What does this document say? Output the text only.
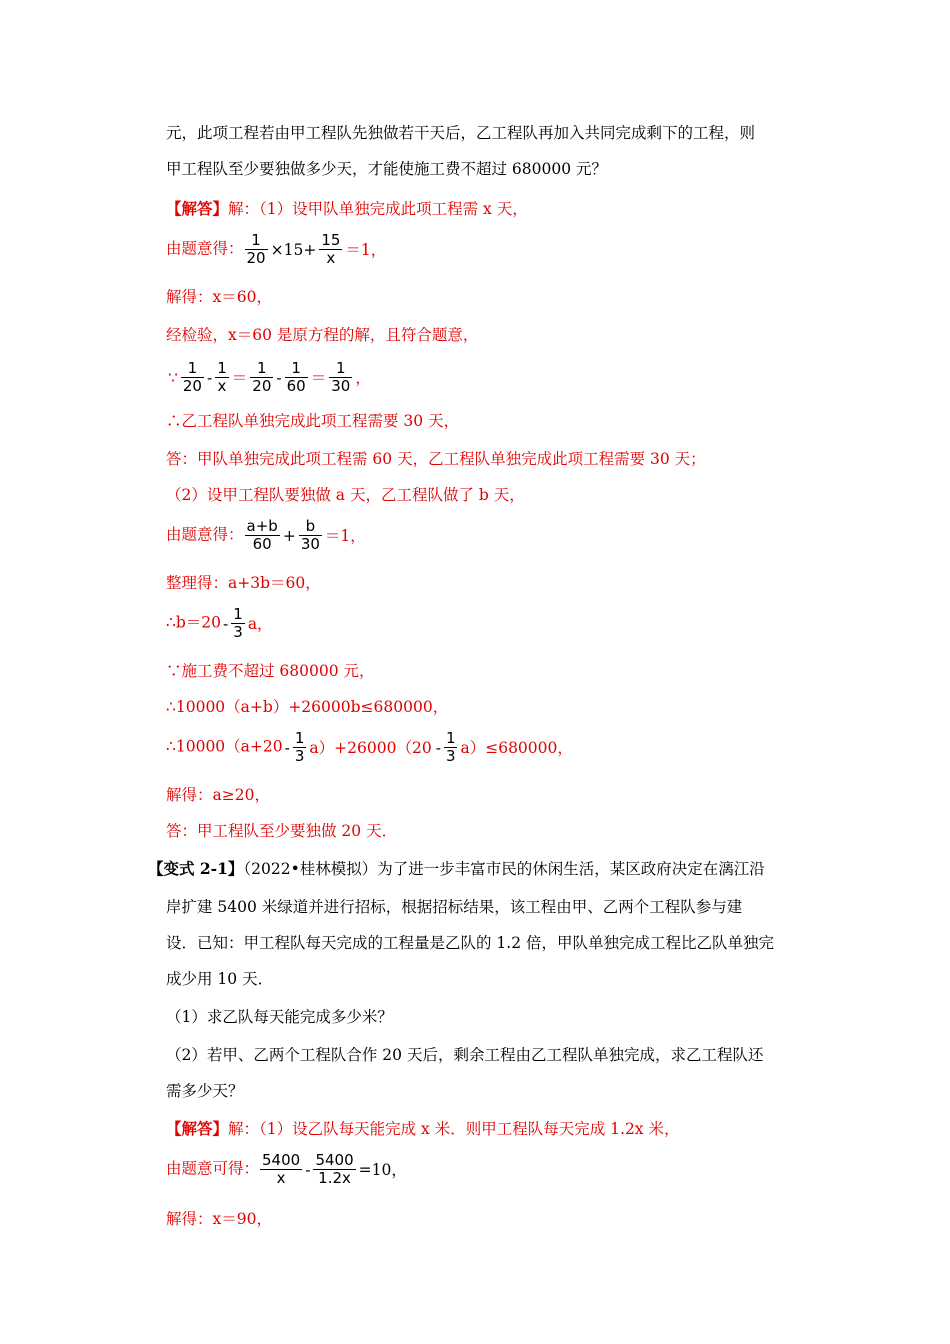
元，此项工程若由甲工程队先独做若干天后，乙工程队再加入共同完成剩下的工程，则
甲工程队至少要独做多少天，才能使施工费不超过 680000 元？
【解答】解：（1）设甲队单独完成此项工程需 x 天，
由题意得： $\frac{1}{20} \times 15+ \frac{15}{x} =1$，
解得：x＝60，
经检验，x＝60 是原方程的解，且符合题意，
∵ $\frac{1}{20} - \frac{1}{x} = \frac{1}{20} - \frac{1}{60} = \frac{1}{30}$ ，
∴乙工程队单独完成此项工程需要 30 天，
答：甲队单独完成此项工程需 60 天，乙工程队单独完成此项工程需要 30 天；
（2）设甲工程队要独做 a 天，乙工程队做了 b 天，
由题意得： $\frac{a+b}{60} + \frac{b}{30} =1$，
整理得：a+3b＝60，
∴b＝20 - $\frac{1}{3}$ a，
∵施工费不超过 680000 元，
∴10000（a+b）+26000b≤680000，
∴10000（a+20 - $\frac{1}{3} a)+26000(20 - \frac{1}{3} a)\le 680000$，
解得：a≥20，
答：甲工程队至少要独做 20 天．
【变式 2-1】（2022•桂林模拟）为了进一步丰富市民的休闲生活，某区政府决定在漓江沿
岸扩建 5400 米绿道并进行招标，根据招标结果，该工程由甲、乙两个工程队参与建
设．已知：甲工程队每天完成的工程量是乙队的 1.2 倍，甲队单独完成工程比乙队单独完
成少用 10 天．
（1）求乙队每天能完成多少米？
（2）若甲、乙两个工程队合作 20 天后，剩余工程由乙工程队单独完成，求乙工程队还
需多少天？
【解答】解：（1）设乙队每天能完成 x 米．则甲工程队每天完成 1.2x 米，
由题意可得： $\frac{5400}{x} - \frac{5400}{1.2x} =10$，
解得：x＝90，
